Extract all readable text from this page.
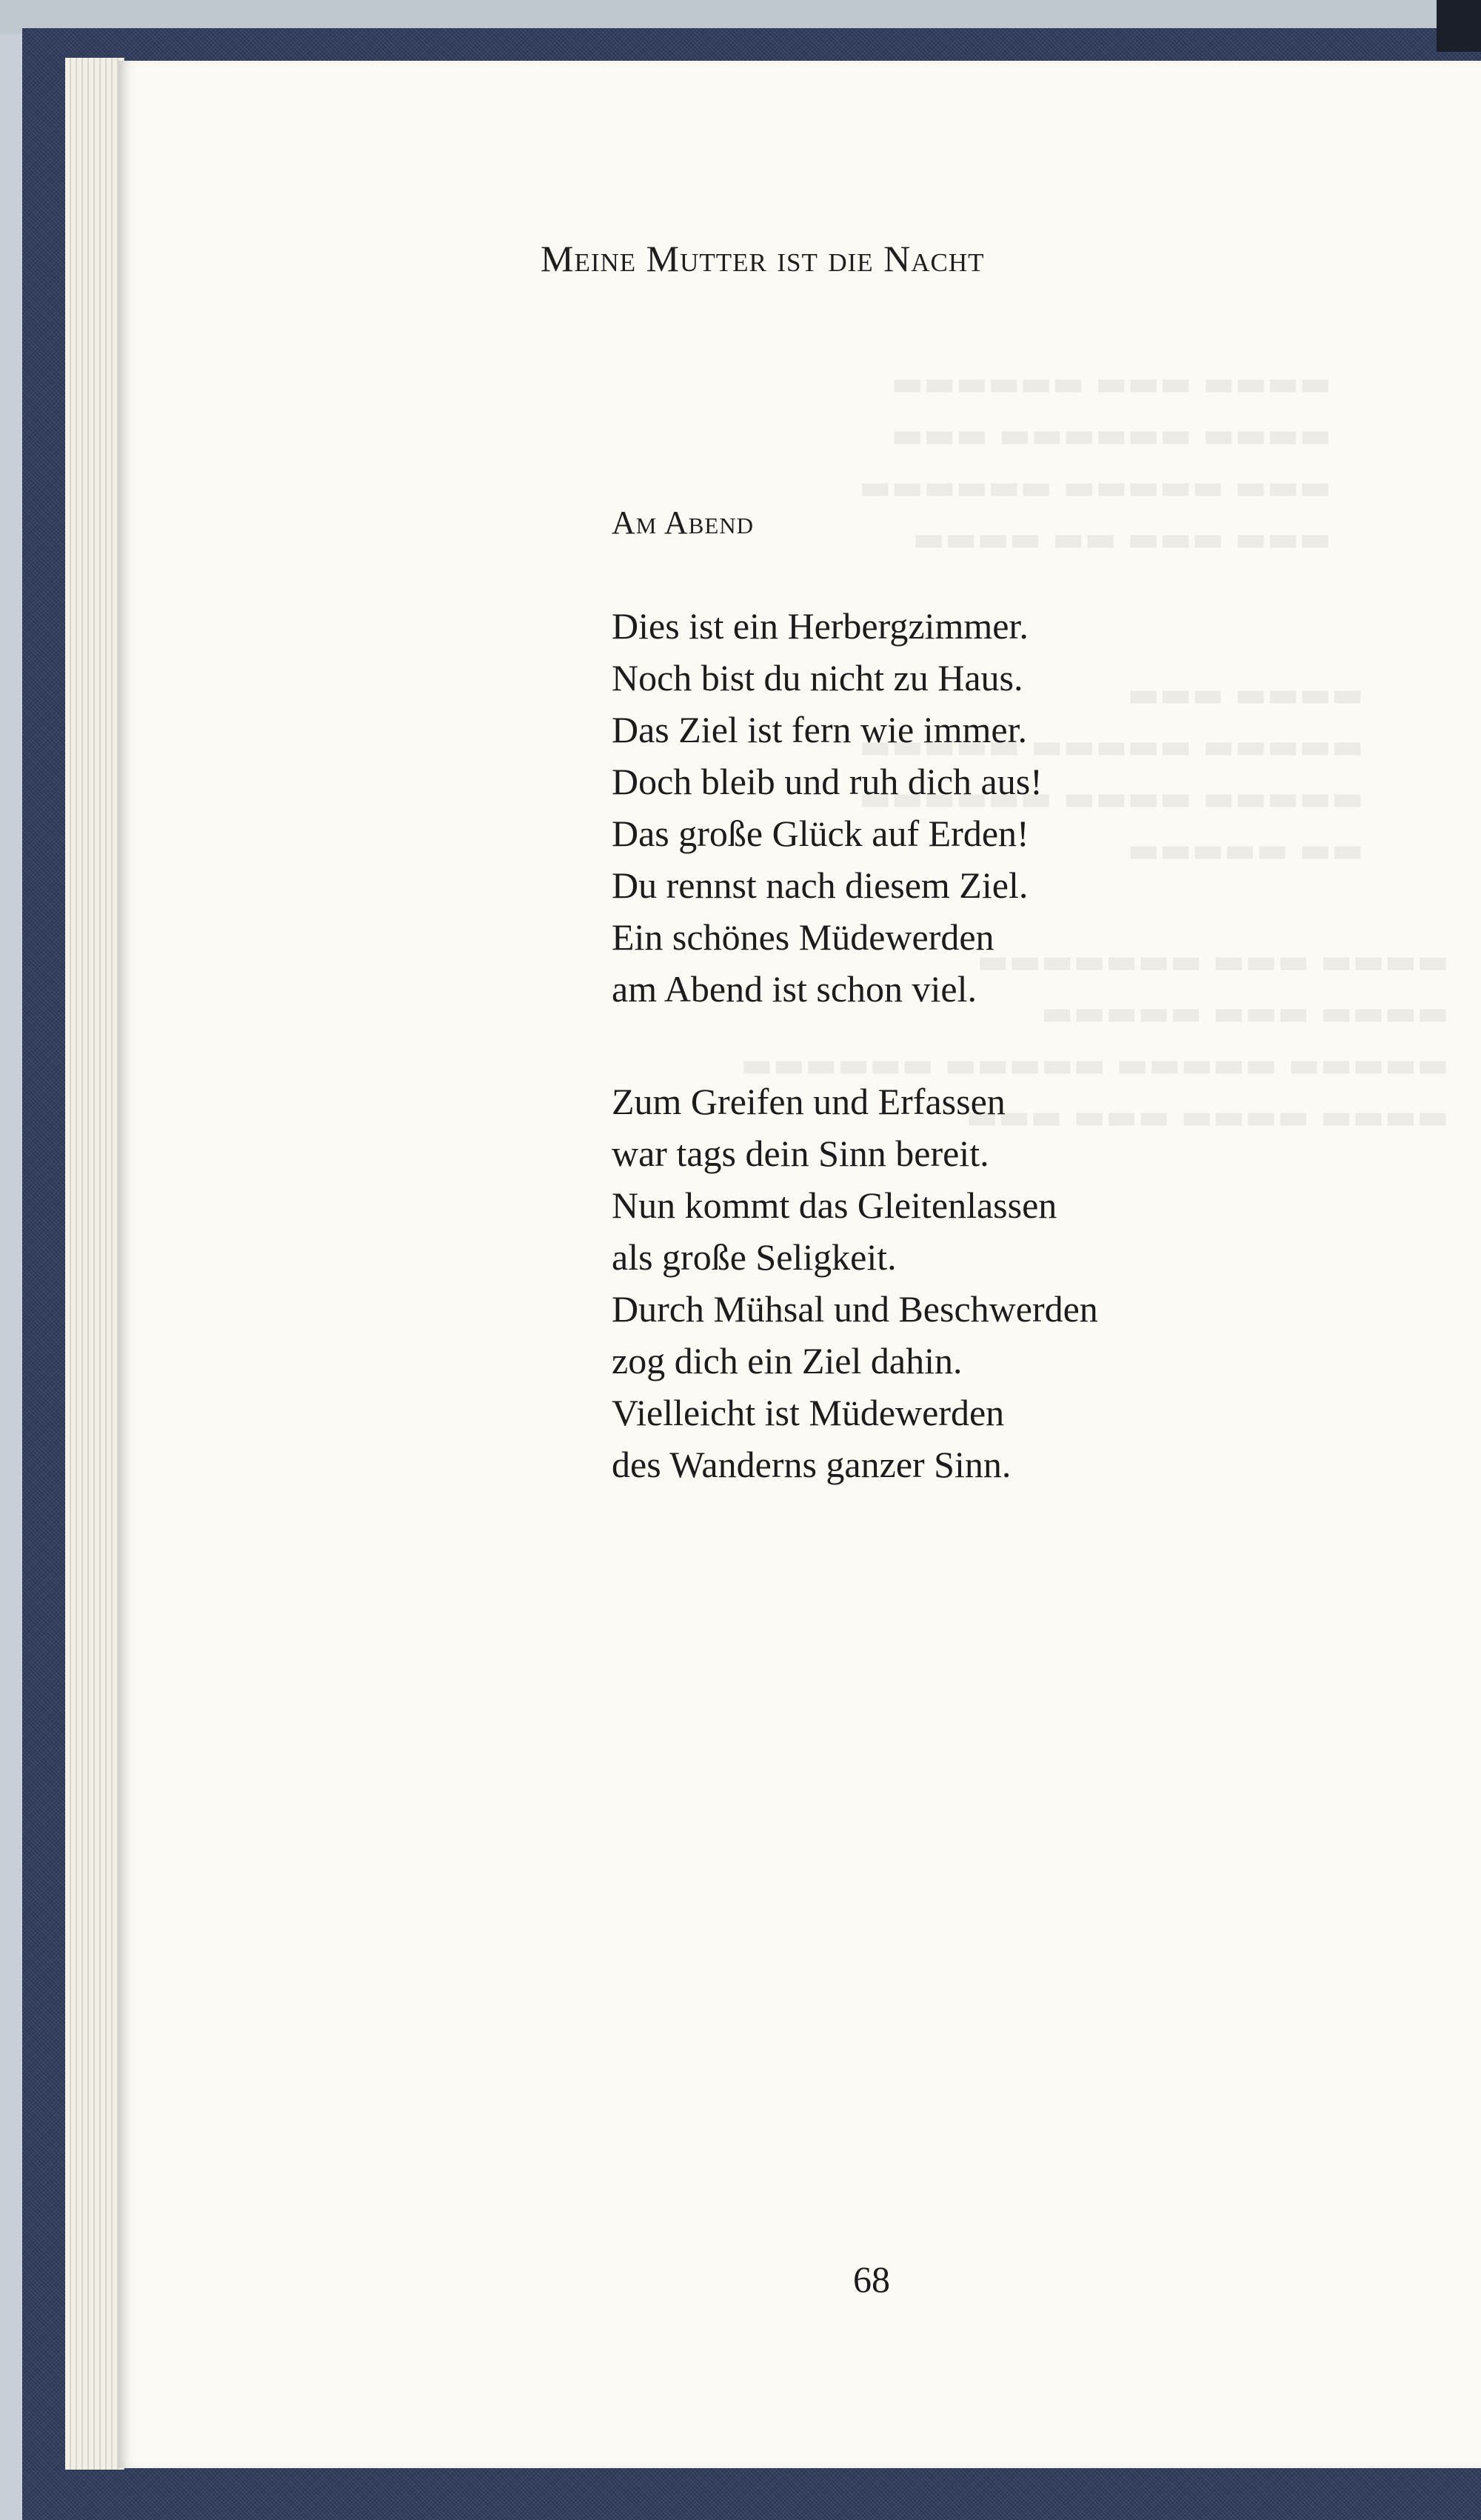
▬▬▬▬ ▬▬▬ ▬▬▬▬▬▬
▬▬▬▬ ▬▬▬▬▬▬ ▬▬▬
▬▬▬ ▬▬▬▬▬ ▬▬▬▬▬▬
▬▬▬ ▬▬▬ ▬▬ ▬▬▬▬
▬▬▬▬ ▬▬▬
▬▬▬▬▬ ▬▬▬▬▬ ▬▬▬▬▬
▬▬▬▬▬ ▬▬▬▬ ▬▬▬▬▬▬
▬▬ ▬▬▬▬▬
▬▬▬▬ ▬▬▬ ▬▬▬▬▬▬▬
▬▬▬▬ ▬▬▬ ▬▬▬▬▬
▬▬▬▬▬ ▬▬▬▬▬ ▬▬▬▬▬ ▬▬▬▬▬▬
▬▬▬▬ ▬▬▬▬ ▬▬▬ ▬▬▬
Meine Mutter ist die Nacht
Am Abend
Dies ist ein Herbergzimmer.
Noch bist du nicht zu Haus.
Das Ziel ist fern wie immer.
Doch bleib und ruh dich aus!
Das große Glück auf Erden!
Du rennst nach diesem Ziel.
Ein schönes Müdewerden
am Abend ist schon viel.
Zum Greifen und Erfassen
war tags dein Sinn bereit.
Nun kommt das Gleitenlassen
als große Seligkeit.
Durch Mühsal und Beschwerden
zog dich ein Ziel dahin.
Vielleicht ist Müdewerden
des Wanderns ganzer Sinn.
68
